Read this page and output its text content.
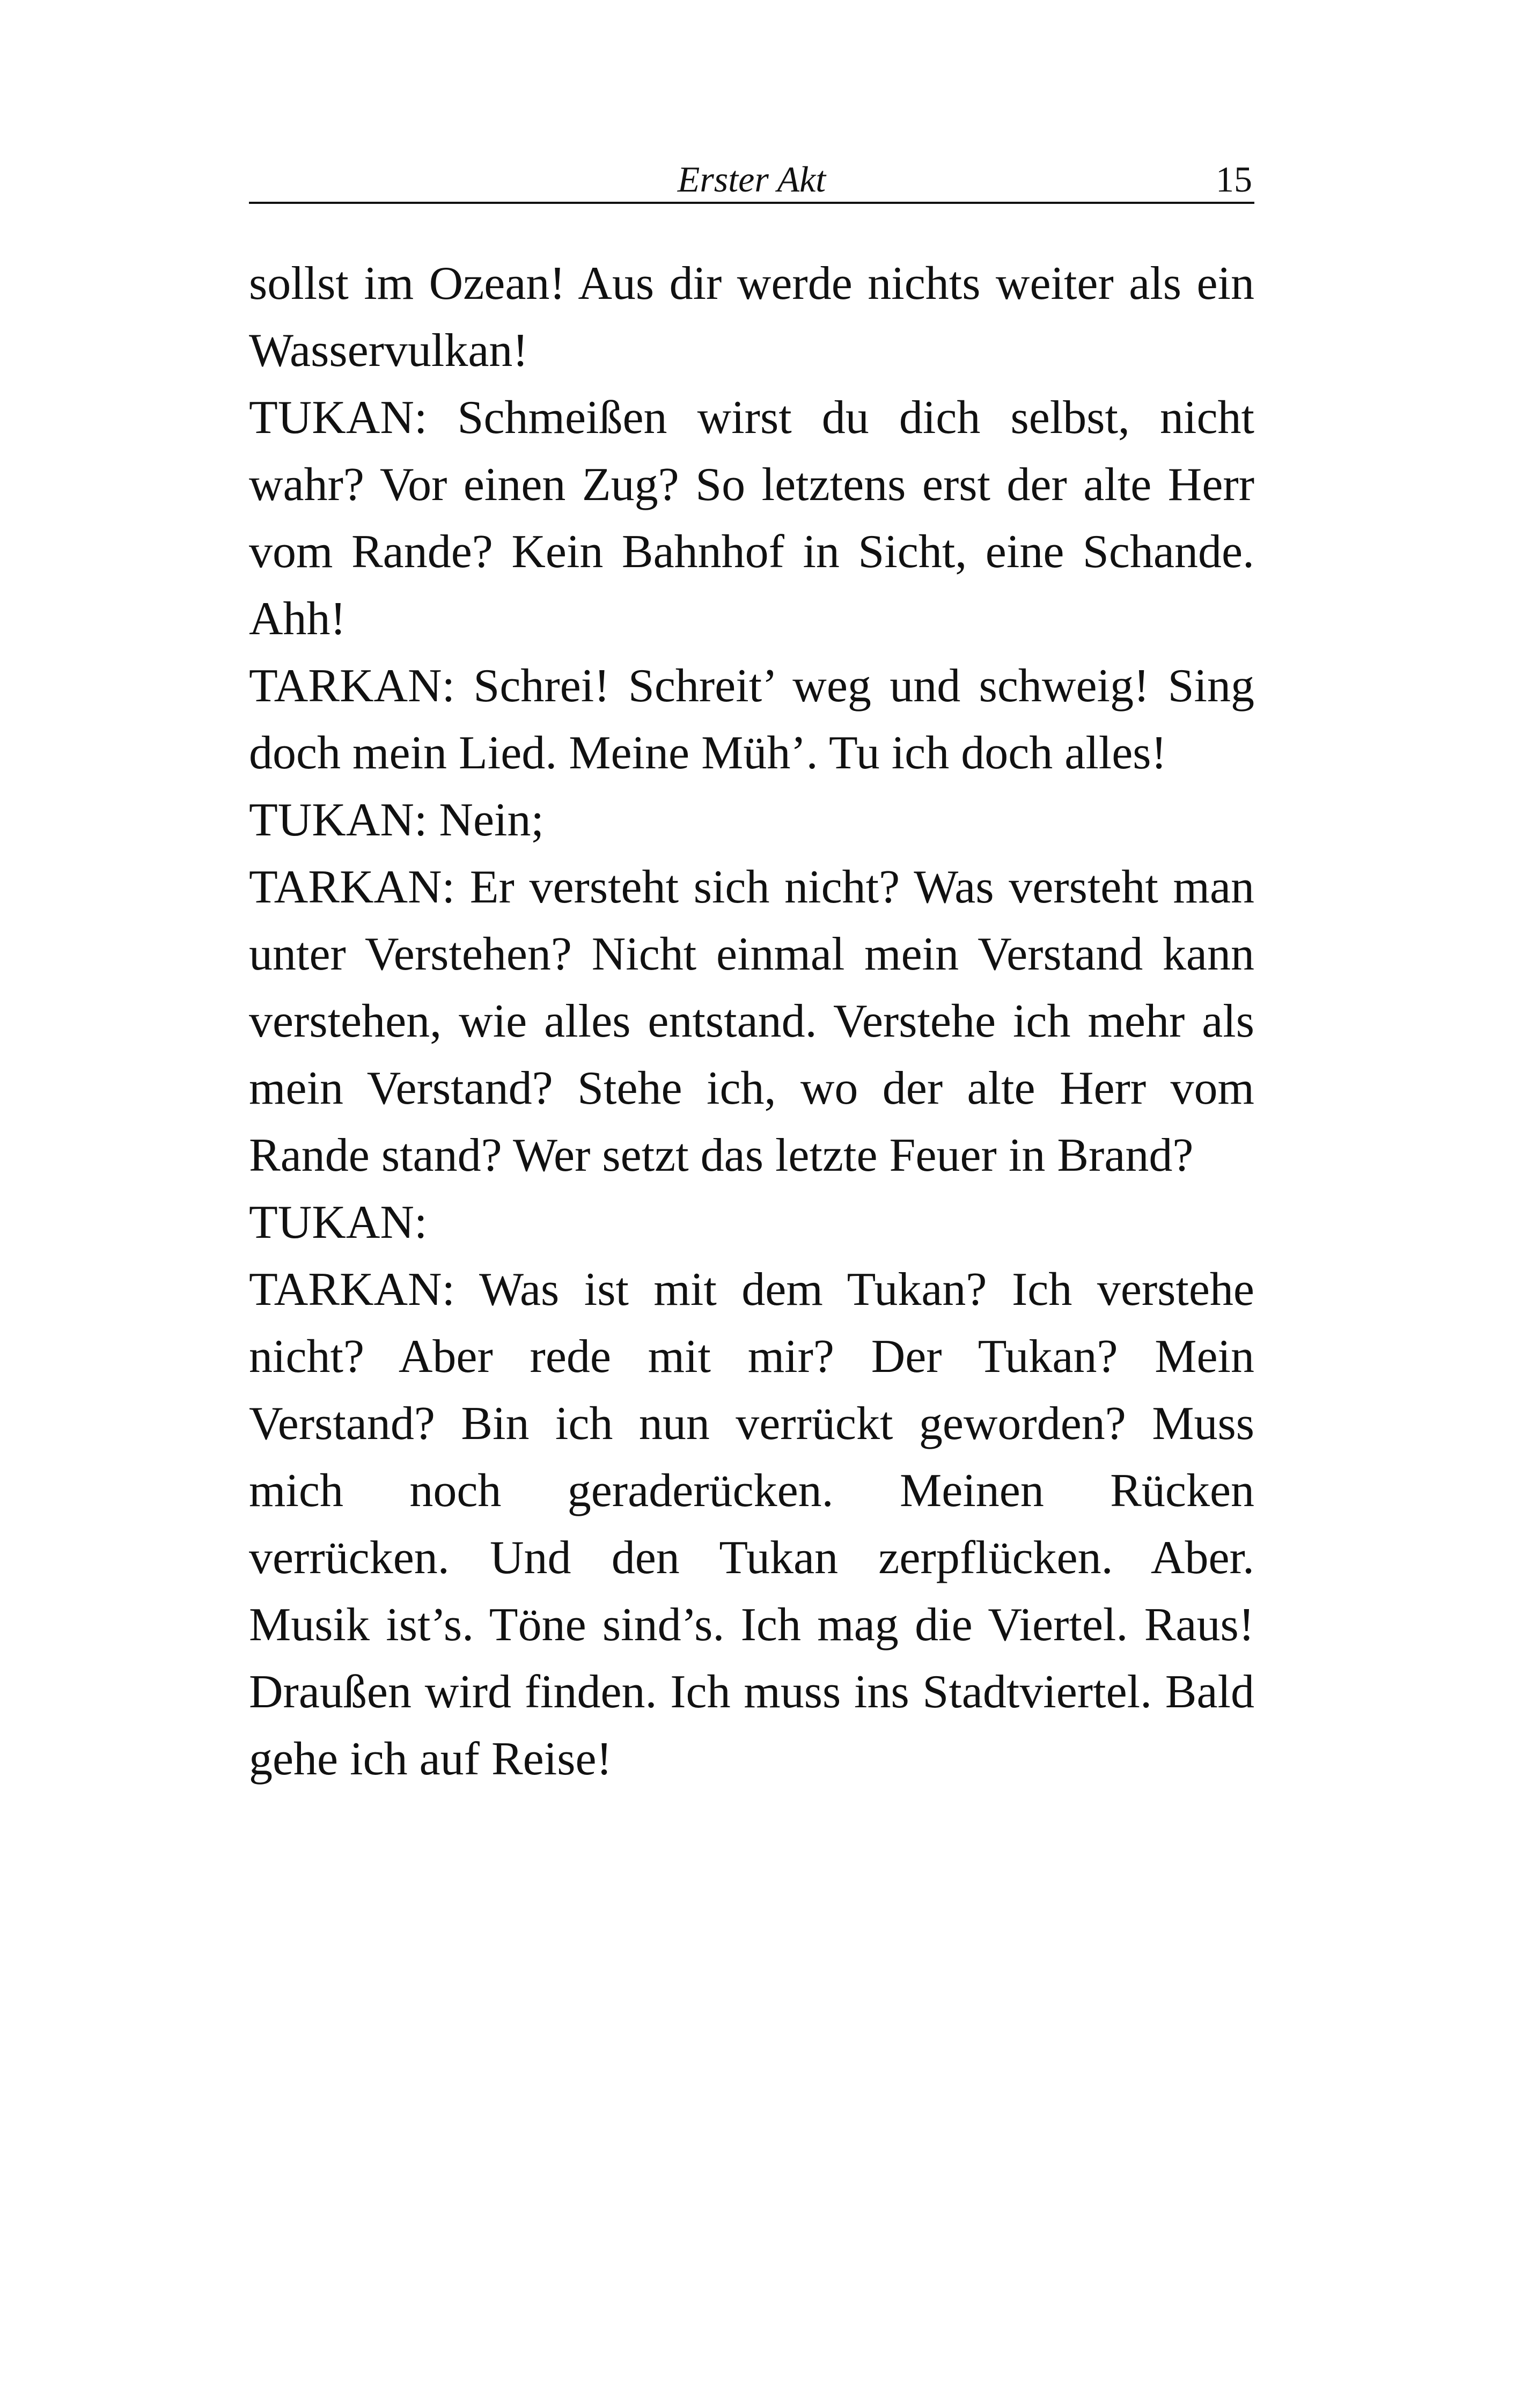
Erster Akt	15
sollst im Ozean! Aus dir werde nichts weiter als ein
Wasservulkan!
TUKAN: Schmeißen wirst du dich selbst, nicht
wahr? Vor einen Zug? So letztens erst der alte Herr
vom Rande? Kein Bahnhof in Sicht, eine Schande.
Ahh!
TARKAN: Schrei! Schreit’ weg und schweig! Sing
doch mein Lied. Meine Müh’. Tu ich doch alles!
TUKAN: Nein;
TARKAN: Er versteht sich nicht? Was versteht man
unter Verstehen? Nicht einmal mein Verstand kann
verstehen, wie alles entstand. Verstehe ich mehr als
mein Verstand? Stehe ich, wo der alte Herr vom
Rande stand? Wer setzt das letzte Feuer in Brand?
TUKAN:
TARKAN: Was ist mit dem Tukan? Ich verstehe
nicht? Aber rede mit mir? Der Tukan? Mein
Verstand? Bin ich nun verrückt geworden? Muss
mich noch geraderücken. Meinen Rücken
verrücken. Und den Tukan zerpflücken. Aber.
Musik ist’s. Töne sind’s. Ich mag die Viertel. Raus!
Draußen wird finden. Ich muss ins Stadtviertel. Bald
gehe ich auf Reise!
